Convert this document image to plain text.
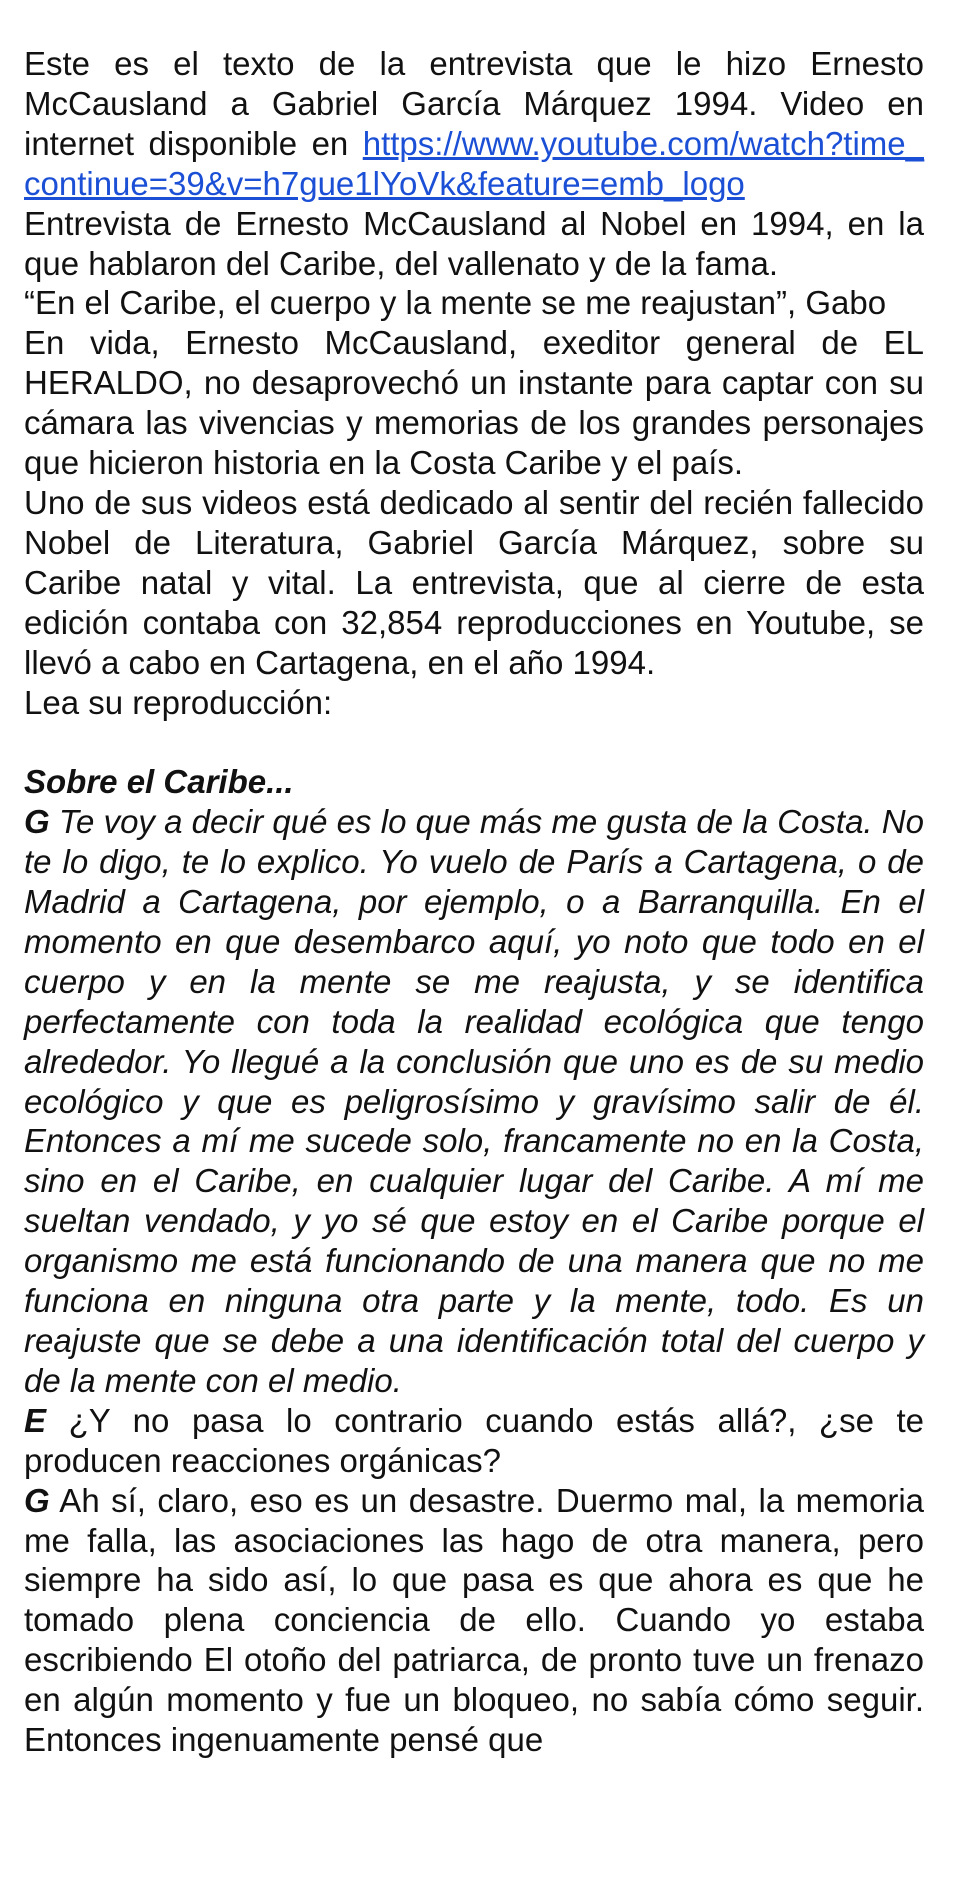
Este es el texto de la entrevista que le hizo Ernesto McCausland a Gabriel García Márquez 1994. Video en internet disponible en https://www.youtube.com/watch?time_continue=39&v=h7gue1lYoVk&feature=emb_logo

Entrevista de Ernesto McCausland al Nobel en 1994, en la que hablaron del Caribe, del vallenato y de la fama.

“En el Caribe, el cuerpo y la mente se me reajustan”, Gabo

En vida, Ernesto McCausland, exeditor general de EL HERALDO, no desaprovechó un instante para captar con su cámara las vivencias y memorias de los grandes personajes que hicieron historia en la Costa Caribe y el país.

Uno de sus videos está dedicado al sentir del recién fallecido Nobel de Literatura, Gabriel García Márquez, sobre su Caribe natal y vital. La entrevista, que al cierre de esta edición contaba con 32,854 reproducciones en Youtube, se llevó a cabo en Cartagena, en el año 1994.

Lea su reproducción:

Sobre el Caribe...

G Te voy a decir qué es lo que más me gusta de la Costa. No te lo digo, te lo explico. Yo vuelo de París a Cartagena, o de Madrid a Cartagena, por ejemplo, o a Barranquilla. En el momento en que desembarco aquí, yo noto que todo en el cuerpo y en la mente se me reajusta, y se identifica perfectamente con toda la realidad ecológica que tengo alrededor. Yo llegué a la conclusión que uno es de su medio ecológico y que es peligrosísimo y gravísimo salir de él. Entonces a mí me sucede solo, francamente no en la Costa, sino en el Caribe, en cualquier lugar del Caribe. A mí me sueltan vendado, y yo sé que estoy en el Caribe porque el organismo me está funcionando de una manera que no me funciona en ninguna otra parte y la mente, todo. Es un reajuste que se debe a una identificación total del cuerpo y de la mente con el medio.

E ¿Y no pasa lo contrario cuando estás allá?, ¿se te producen reacciones orgánicas?

G Ah sí, claro, eso es un desastre. Duermo mal, la memoria me falla, las asociaciones las hago de otra manera, pero siempre ha sido así, lo que pasa es que ahora es que he tomado plena conciencia de ello. Cuando yo estaba escribiendo El otoño del patriarca, de pronto tuve un frenazo en algún momento y fue un bloqueo, no sabía cómo seguir. Entonces ingenuamente pensé que
